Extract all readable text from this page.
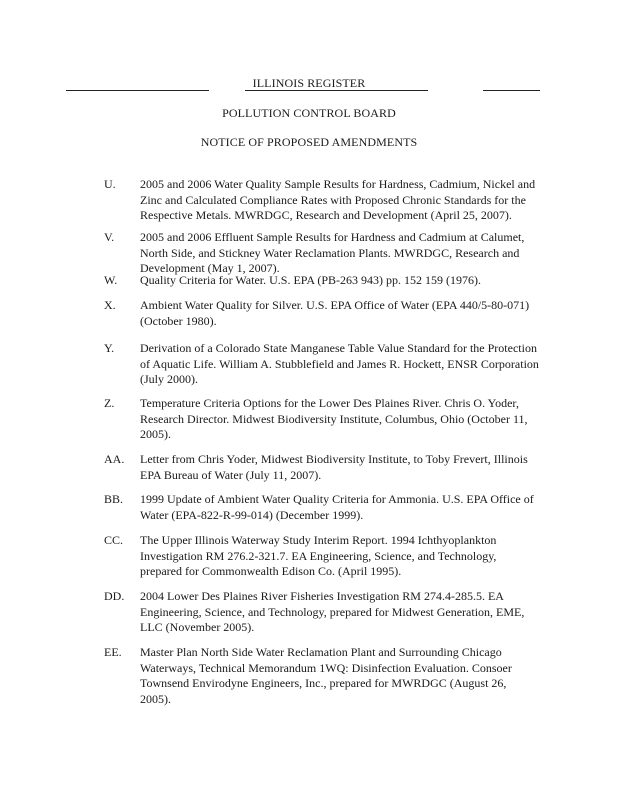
ILLINOIS REGISTER
POLLUTION CONTROL BOARD
NOTICE OF PROPOSED AMENDMENTS
U. 2005 and 2006 Water Quality Sample Results for Hardness, Cadmium, Nickel and Zinc and Calculated Compliance Rates with Proposed Chronic Standards for the Respective Metals. MWRDGC, Research and Development (April 25, 2007).
V. 2005 and 2006 Effluent Sample Results for Hardness and Cadmium at Calumet, North Side, and Stickney Water Reclamation Plants. MWRDGC, Research and Development (May 1, 2007).
W. Quality Criteria for Water. U.S. EPA (PB-263 943) pp. 152 159 (1976).
X. Ambient Water Quality for Silver. U.S. EPA Office of Water (EPA 440/5-80-071) (October 1980).
Y. Derivation of a Colorado State Manganese Table Value Standard for the Protection of Aquatic Life. William A. Stubblefield and James R. Hockett, ENSR Corporation (July 2000).
Z. Temperature Criteria Options for the Lower Des Plaines River. Chris O. Yoder, Research Director. Midwest Biodiversity Institute, Columbus, Ohio (October 11, 2005).
AA. Letter from Chris Yoder, Midwest Biodiversity Institute, to Toby Frevert, Illinois EPA Bureau of Water (July 11, 2007).
BB. 1999 Update of Ambient Water Quality Criteria for Ammonia. U.S. EPA Office of Water (EPA-822-R-99-014) (December 1999).
CC. The Upper Illinois Waterway Study Interim Report. 1994 Ichthyoplankton Investigation RM 276.2-321.7. EA Engineering, Science, and Technology, prepared for Commonwealth Edison Co. (April 1995).
DD. 2004 Lower Des Plaines River Fisheries Investigation RM 274.4-285.5. EA Engineering, Science, and Technology, prepared for Midwest Generation, EME, LLC (November 2005).
EE. Master Plan North Side Water Reclamation Plant and Surrounding Chicago Waterways, Technical Memorandum 1WQ: Disinfection Evaluation. Consoer Townsend Envirodyne Engineers, Inc., prepared for MWRDGC (August 26, 2005).
